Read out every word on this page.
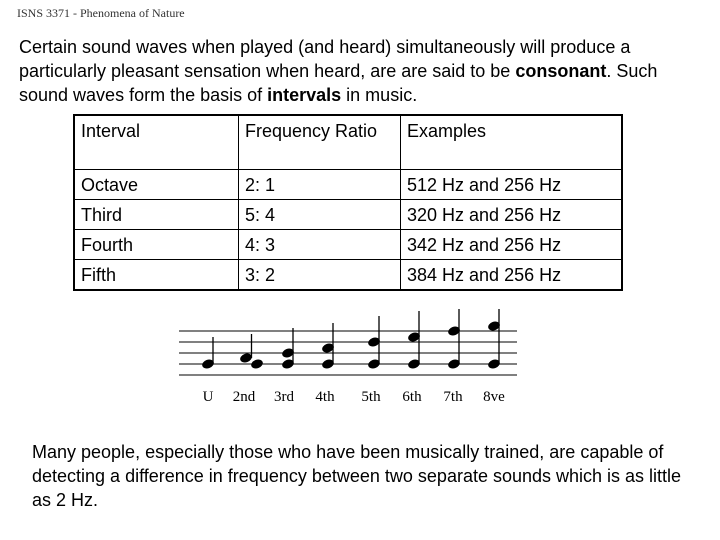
ISNS 3371 - Phenomena of Nature
Certain sound waves when played (and heard) simultaneously will produce a particularly pleasant sensation when heard, are are said to be consonant. Such sound waves form the basis of intervals in music.
Interval	Frequency Ratio	Examples
Octave	2: 1	512 Hz and 256 Hz
Third	5: 4	320 Hz and 256 Hz
Fourth	4: 3	342 Hz and 256 Hz
Fifth	3: 2	384 Hz and 256 Hz
U 2nd 3rd 4th 5th 6th 7th 8ve
Many people, especially those who have been musically trained, are capable of detecting a difference in frequency between two separate sounds which is as little as 2 Hz.
